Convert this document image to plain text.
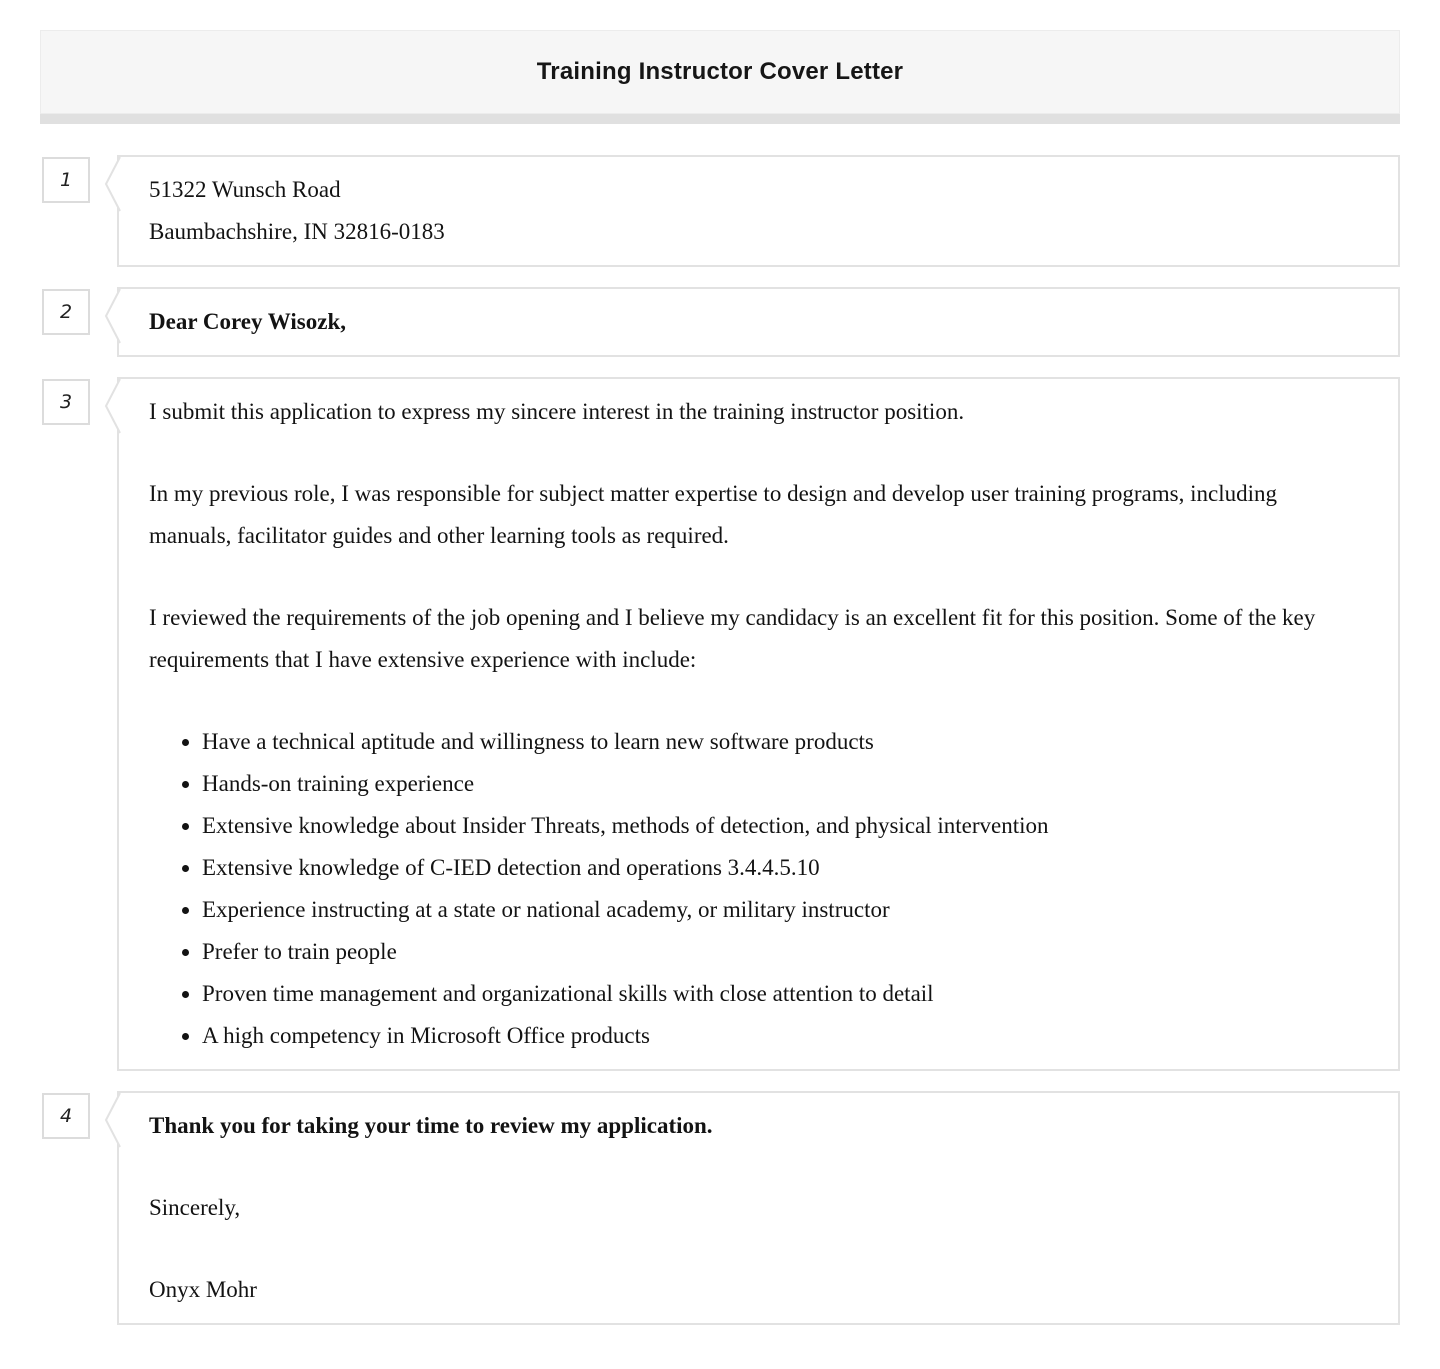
Training Instructor Cover Letter
1	51322 Wunsch Road
Baumbachshire, IN 32816-0183
2	Dear Corey Wisozk,
3	I submit this application to express my sincere interest in the training instructor position.

In my previous role, I was responsible for subject matter expertise to design and develop user training programs, including manuals, facilitator guides and other learning tools as required.

I reviewed the requirements of the job opening and I believe my candidacy is an excellent fit for this position. Some of the key requirements that I have extensive experience with include:

• Have a technical aptitude and willingness to learn new software products
• Hands-on training experience
• Extensive knowledge about Insider Threats, methods of detection, and physical intervention
• Extensive knowledge of C-IED detection and operations 3.4.4.5.10
• Experience instructing at a state or national academy, or military instructor
• Prefer to train people
• Proven time management and organizational skills with close attention to detail
• A high competency in Microsoft Office products
4	Thank you for taking your time to review my application.

Sincerely,

Onyx Mohr
